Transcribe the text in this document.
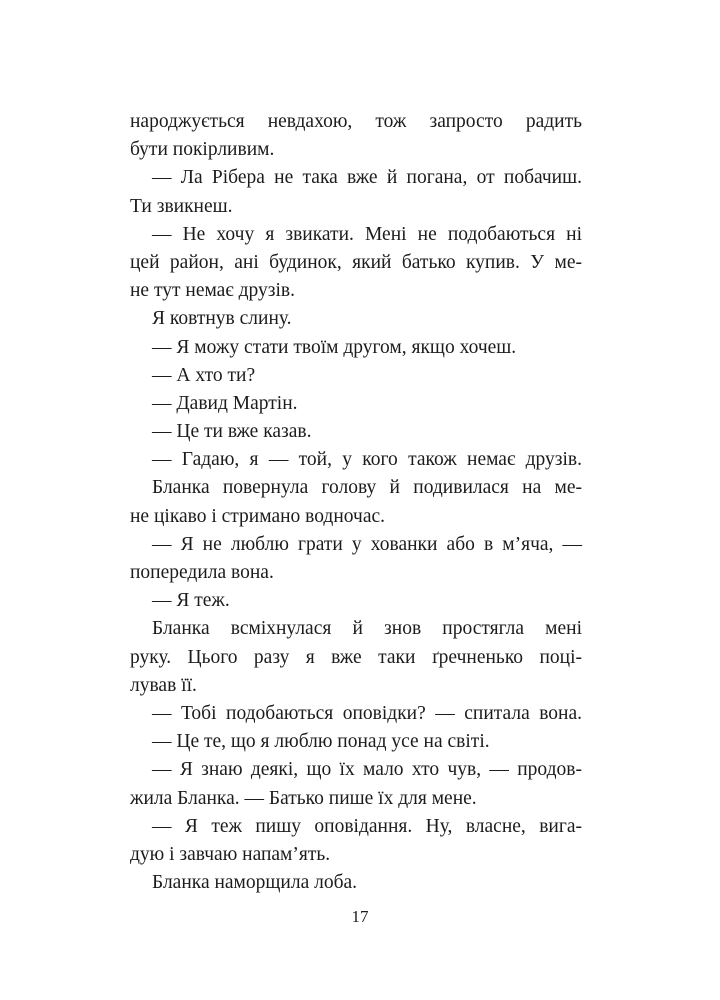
народжується невдахою, тож запросто радить
бути покірливим.
— Ла Рібера не така вже й погана, от побачиш.
Ти звикнеш.
— Не хочу я звикати. Мені не подобаються ні
цей район, ані будинок, який батько купив. У ме-
не тут немає друзів.
Я ковтнув слину.
— Я можу стати твоїм другом, якщо хочеш.
— А хто ти?
— Давид Мартін.
— Це ти вже казав.
— Гадаю, я — той, у кого також немає друзів.
Бланка повернула голову й подивилася на ме-
не цікаво і стримано водночас.
— Я не люблю грати у хованки або в м’яча, —
попередила вона.
— Я теж.
Бланка всміхнулася й знов простягла мені
руку. Цього разу я вже таки ґречненько поці-
лував її.
— Тобі подобаються оповідки? — спитала вона.
— Це те, що я люблю понад усе на світі.
— Я знаю деякі, що їх мало хто чув, — продов-
жила Бланка. — Батько пише їх для мене.
— Я теж пишу оповідання. Ну, власне, вига-
дую і завчаю напам’ять.
Бланка наморщила лоба.
17
